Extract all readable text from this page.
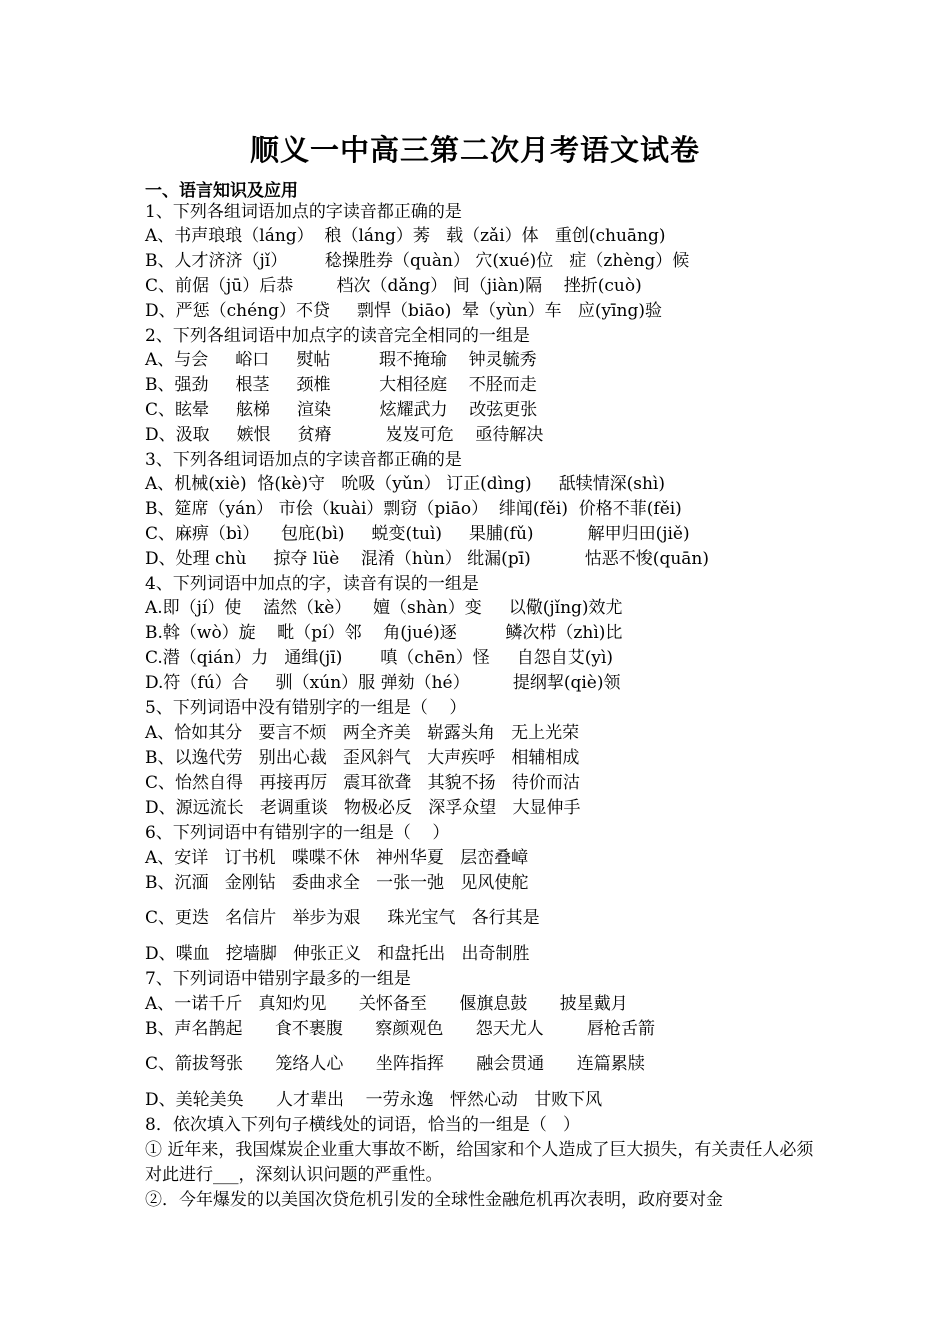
顺义一中高三第二次月考语文试卷
一、语言知识及应用
1、下列各组词语加点的字读音都正确的是
A、书声琅琅（láng）  稂（láng）莠   载（zǎi）体   重创(chuāng)
B、人才济济（jǐ）       稔操胜券（quàn） 穴(xué)位   症（zhèng）候
C、前倨（jū）后恭        档次（dǎng） 间（jiàn)隔    挫折(cuò)
D、严惩（chéng）不贷     剽悍（biāo)  晕（yùn）车   应(yīng)验
2、下列各组词语中加点字的读音完全相同的一组是
A、与会     峪口     熨帖         瑕不掩瑜    钟灵毓秀
B、强劲     根茎     颈椎         大相径庭    不胫而走
C、眩晕     舷梯     渲染         炫耀武力    改弦更张
D、汲取     嫉恨     贫瘠          岌岌可危    亟待解决
3、下列各组词语加点的字读音都正确的是
A、机械(xiè)  恪(kè)守   吮吸（yǔn） 订正(dìng)     舐犊情深(shì)
B、筵席（yán） 市侩（kuài）剽窃（piāo）  绯闻(fěi)  价格不菲(fěi)
C、麻痹（bì）    包庇(bì)     蜕变(tuì)     果脯(fǔ)          解甲归田(jiě)
D、处理 chù     掠夺 lüè    混淆（hùn） 纰漏(pī)          怙恶不悛(quān)
4、下列词语中加点的字，读音有误的一组是
A.即（jí）使    溘然（kè）    嬗（shàn）变     以儆(jǐng)效尤
B.斡（wò）旋    毗（pí）邻    角(jué)逐         鳞次栉（zhì)比
C.潜（qián）力   通缉(jī)       嗔（chēn）怪     自怨自艾(yì)
D.符（fú）合     驯（xún）服 弹劾（hé）        提纲挈(qiè)领
5、下列词语中没有错别字的一组是（    ）
A、恰如其分   要言不烦   两全齐美   崭露头角   无上光荣
B、以逸代劳   别出心裁   歪风斜气   大声疾呼   相辅相成
C、怡然自得   再接再厉   震耳欲聋   其貌不扬   待价而沽
D、源远流长   老调重谈   物极必反   深孚众望   大显伸手
6、下列词语中有错别字的一组是（    ）
A、安详   订书机   喋喋不休   神州华夏   层峦叠嶂
B、沉湎   金刚钻   委曲求全   一张一弛   见风使舵
C、更迭   名信片   举步为艰     珠光宝气   各行其是
D、喋血   挖墙脚   伸张正义   和盘托出   出奇制胜
7、下列词语中错别字最多的一组是
A、一诺千斤   真知灼见      关怀备至      偃旗息鼓      披星戴月
B、声名鹊起      食不裹腹      察颜观色      怨天尤人        唇枪舌箭
C、箭拔弩张      笼络人心      坐阵指挥      融会贯通      连篇累牍
D、美轮美奂      人才辈出    一劳永逸   怦然心动   甘败下风
8．依次填入下列句子横线处的词语，恰当的一组是（   ）
① 近年来，我国煤炭企业重大事故不断，给国家和个人造成了巨大损失，有关责任人必须对此进行___，深刻认识问题的严重性。
②．今年爆发的以美国次贷危机引发的全球性金融危机再次表明，政府要对金
